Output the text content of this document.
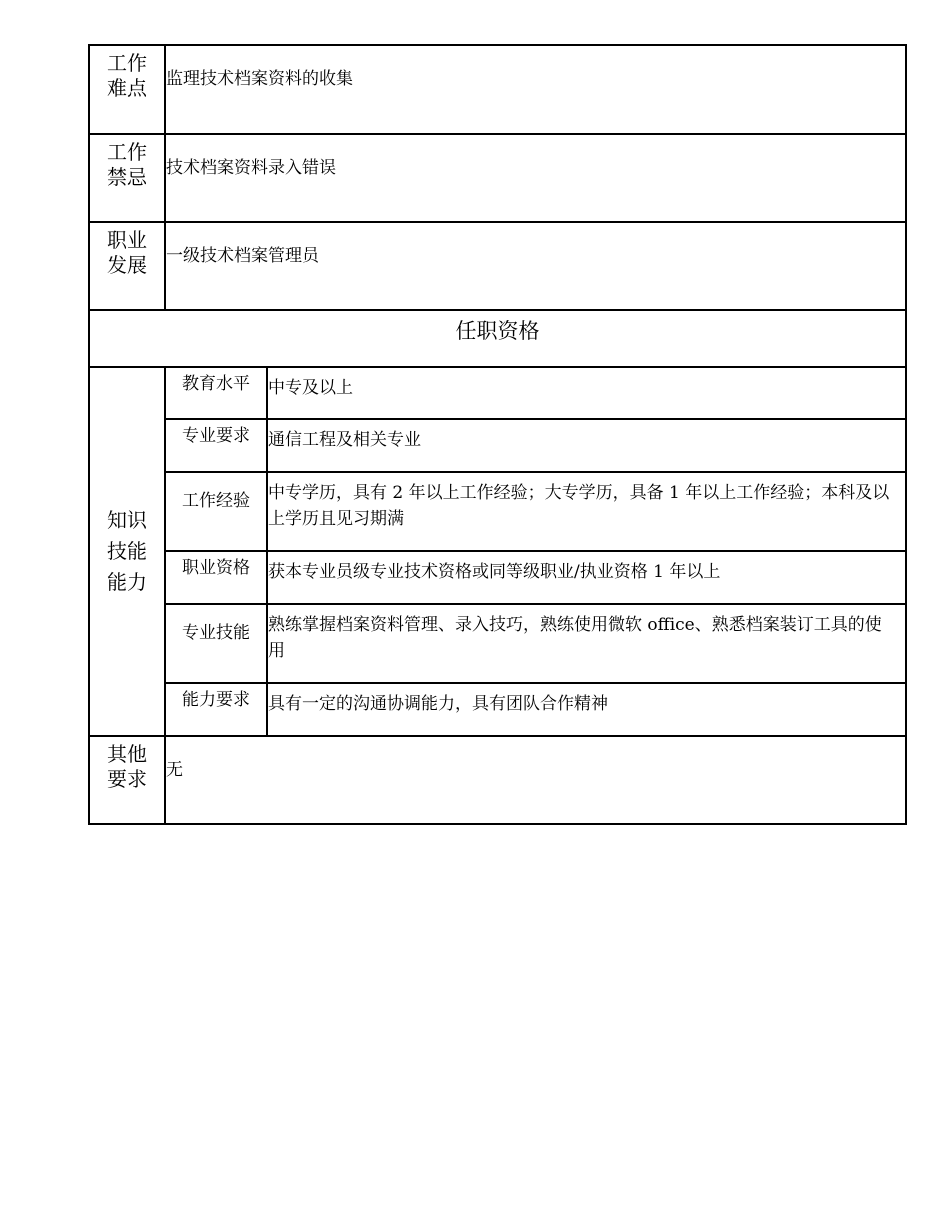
工作
难点	监理技术档案资料的收集	

工作
禁忌	技术档案资料录入错误	

职业
发展	一级技术档案管理员	

任职资格		

知识
技能
能力	教育水平	中专及以上

	专业要求	通信工程及相关专业

	工作经验	中专学历，具有 2 年以上工作经验；大专学历，具备 1 年以上工作经验；本科及以上学历且见习期满

	职业资格	获本专业员级专业技术资格或同等级职业/执业资格 1 年以上

	专业技能	熟练掌握档案资料管理、录入技巧，熟练使用微软 office、熟悉档案装订工具的使用

	能力要求	具有一定的沟通协调能力，具有团队合作精神

其他
要求	无	
